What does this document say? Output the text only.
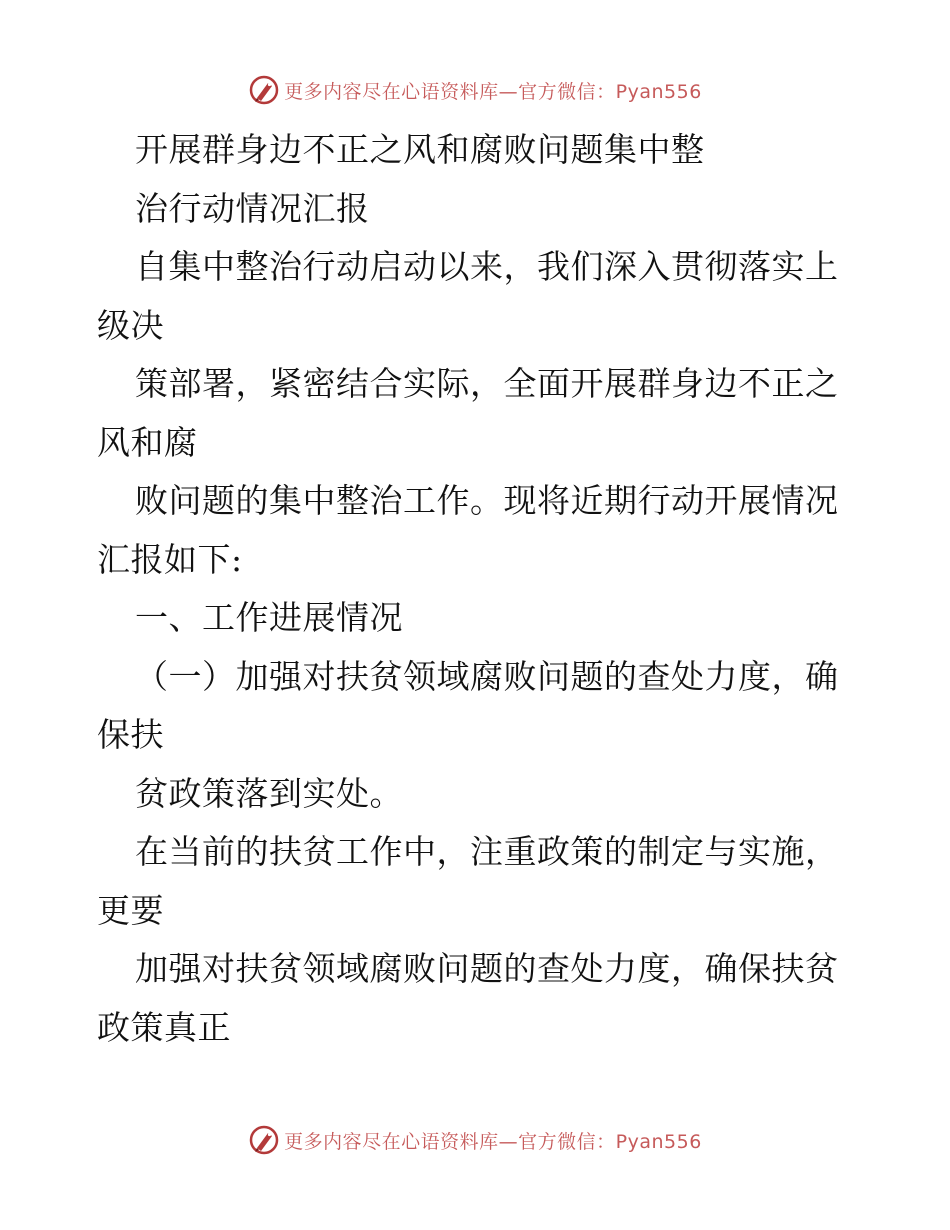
更多内容尽在心语资料库—官方微信：Pyan556
开展群身边不正之风和腐败问题集中整
治行动情况汇报
自集中整治行动启动以来，我们深入贯彻落实上
级决
策部署，紧密结合实际，全面开展群身边不正之
风和腐
败问题的集中整治工作。现将近期行动开展情况
汇报如下:
一、工作进展情况
（一）加强对扶贫领域腐败问题的查处力度，确
保扶
贫政策落到实处。
在当前的扶贫工作中，注重政策的制定与实施，
更要
加强对扶贫领域腐败问题的查处力度，确保扶贫
政策真正
更多内容尽在心语资料库—官方微信：Pyan556
